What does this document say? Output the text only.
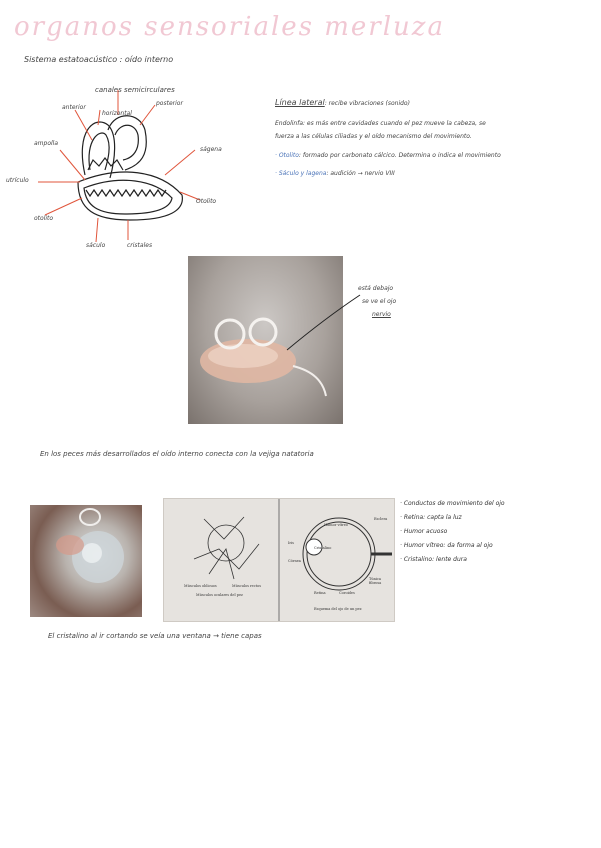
organos sensoriales merluza
Sistema estatoacústico : oído interno
canales semicirculares
anterior
horizontal
posterior
ampolla
utrículo
ságena
otolito
Otolito
sáculo	cristales
Línea lateral: recibe vibraciones (sonido)
Endolinfa: es más entre cavidades cuando el pez mueve la cabeza, se
fuerza a las células ciliadas y el oído mecanismo del movimiento.
· Otolito: formado por carbonato cálcico. Determina o indica el movimiento
· Sáculo y lagena: audición → nervio VIII
está debajo
se ve el ojo
nervio
En los peces más desarrollados el oído interno conecta con la vejiga natatoria
Músculos oblicuos	Músculos rectos
Músculos oculares del pez
Humor vítreo
Cristalino
Iris
Retina
Córnea
Coroides
Esclera
Túnica fibrosa
Esquema del ojo de un pez
· Conductos de movimiento del ojo
· Retina: capta la luz
· Humor acuoso
· Humor vítreo: da forma al ojo
· Cristalino: lente dura
El cristalino al ir cortando se veía una ventana → tiene capas
